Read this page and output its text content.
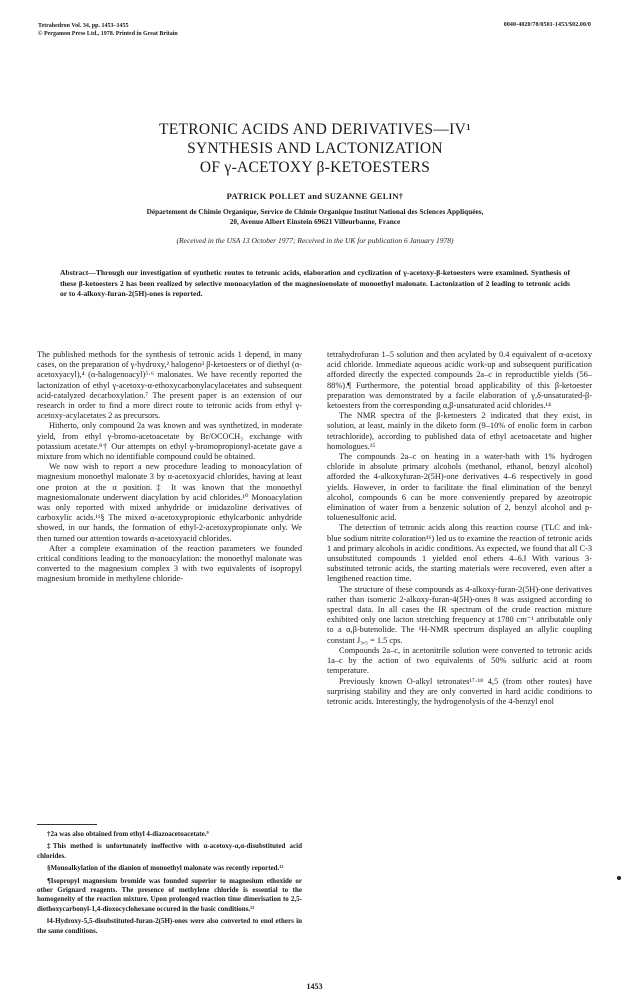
Tetrahedron Vol. 34, pp. 1453–1455
© Pergamon Press Ltd., 1978. Printed in Great Britain
0040-4020/78/0501-1453/$02.00/0
TETRONIC ACIDS AND DERIVATIVES—IV¹
SYNTHESIS AND LACTONIZATION
OF γ-ACETOXY β-KETOESTERS
PATRICK POLLET and SUZANNE GELIN†
Département de Chimie Organique, Service de Chimie Organique Institut National des Sciences Appliquées,
20, Avenue Albert Einstein 69621 Villeurbanne, France
(Received in the USA 13 October 1977; Received in the UK for publication 6 January 1978)
Abstract—Through our investigation of synthetic routes to tetronic acids, elaboration and cyclization of γ-acetoxy-β-ketoesters were examined. Synthesis of these β-ketoesters 2 has been realized by selective monoacylation of the magnesioenolate of monoethyl malonate. Lactonization of 2 leading to tetronic acids or to 4-alkoxy-furan-2(5H)-ones is reported.

The published methods for the synthesis of tetronic acids 1 depend, in many cases, on the preparation of γ-hydroxy,² halogeno³ β-ketoesters or of diethyl (α-acetoxyacyl),⁴ (α-halogenoacyl)⁵·⁶ malonates. We have recently reported the lactonization of ethyl γ-acetoxy-α-ethoxycarbonylacylacetates and subsequent acid-catalyzed decarboxylation.⁷ The present paper is an extension of our research in order to find a more direct route to tetronic acids from ethyl γ-acetoxy-acylacetates 2 as precursors.

Hitherto, only compound 2a was known and was synthetized, in moderate yield, from ethyl γ-bromo-acetoacetate by Br/OCOCH₃ exchange with potassium acetate.⁸† Our attempts on ethyl γ-bromopropionyl-acetate gave a mixture from which no identifiable compound could be obtained.

We now wish to report a new procedure leading to monoacylation of magnesium monoethyl malonate 3 by α-acetoxyacid chlorides, having at least one proton at the α position.‡ It was known that the monoethyl magnesiomalonate underwent diacylation by acid chlorides.¹⁰ Monoacylation was only reported with mixed anhydride or imidazoline derivatives of carboxylic acids.¹¹§ The mixed α-acetoxypropionic ethylcarbonic anhydride showed, in our hands, the formation of ethyl-2-acetoxypropionate only. We then turned our attention towards α-acetoxyacid chlorides.

After a complete examination of the reaction parameters we founded critical conditions leading to the monoacylation: the monoethyl malonate was converted to the magnesium complex 3 with two equivalents of isopropyl magnesium bromide in methylene chloride-

†2a was also obtained from ethyl 4-diazoacetoacetate.⁹

‡This method is unfortunately ineffective with α-acetoxy-α,α-disubstituted acid chlorides.

§Monoalkylation of the dianion of monoethyl malonate was recently reported.¹²

¶Isopropyl magnesium bromide was founded superior to magnesium ethoxide or other Grignard reagents. The presence of methylene chloride is essential to the homogeneity of the reaction mixture. Upon prolonged reaction time dimerisation to 2,5-diethoxycarbonyl-1,4-dioxocyclohexane occured in the basic conditions.¹³

‖4-Hydroxy-5,5-disubstituted-furan-2(5H)-ones were also converted to enol ethers in the same conditions.

tetrahydrofuran 1–5 solution and then acylated by 0.4 equivalent of α-acetoxy acid chloride. Immediate aqueous acidic work-up and subsequent purification afforded directly the expected compounds 2a–c in reproductible yields (56–88%).¶ Furthermore, the potential broad applicability of this β-ketoester preparation was demonstrated by a facile elaboration of γ,δ-unsaturated-β-ketoesters from the corresponding α,β-unsaturated acid chlorides.¹⁴

The NMR spectra of the β-ketoesters 2 indicated that they exist, in solution, at least, mainly in the diketo form (9–10% of enolic form in carbon tetrachloride), according to published data of ethyl acetoacetate and higher homologues.¹⁵

The compounds 2a–c on heating in a water-bath with 1% hydrogen chloride in absolute primary alcohols (methanol, ethanol, benzyl alcohol) afforded the 4-alkoxyfuran-2(5H)-one derivatives 4–6 respectively in good yields. However, in order to facilitate the final elimination of the benzyl alcohol, compounds 6 can be more conveniently prepared by azeotropic elimination of water from a benzenic solution of 2, benzyl alcohol and p-toluenesulfonic acid.

The detection of tetronic acids along this reaction course (TLC and ink-blue sodium nitrite coloration¹⁶) led us to examine the reaction of tetronic acids 1 and primary alcohols in acidic conditions. As expected, we found that all C-3 unsubstituted compounds 1 yielded enol ethers 4–6.‖ With various 3-substituted tetronic acids, the starting materials were recovered, even after a lengthened reaction time.

The structure of these compounds as 4-alkoxy-furan-2(5H)-one derivatives rather than isomeric 2-alkoxy-furan-4(5H)-ones 8 was assigned according to spectral data. In all cases the IR spectrum of the crude reaction mixture exhibited only one lacton stretching frequency at 1780 cm⁻¹ attributable only to a α,β-butenolide. The ¹H-NMR spectrum displayed an allylic coupling constant J₃,₅ = 1.5 cps.

Compounds 2a–c, in acetonitrile solution were converted to tetronic acids 1a–c by the action of two equivalents of 50% sulfuric acid at room temperature.

Previously known O-alkyl tetronates¹⁷·¹⁸ 4,5 (from other routes) have surprising stability and they are only converted in hard acidic conditions to tetronic acids. Interestingly, the hydrogenolysis of the 4-benzyl enol

1453
